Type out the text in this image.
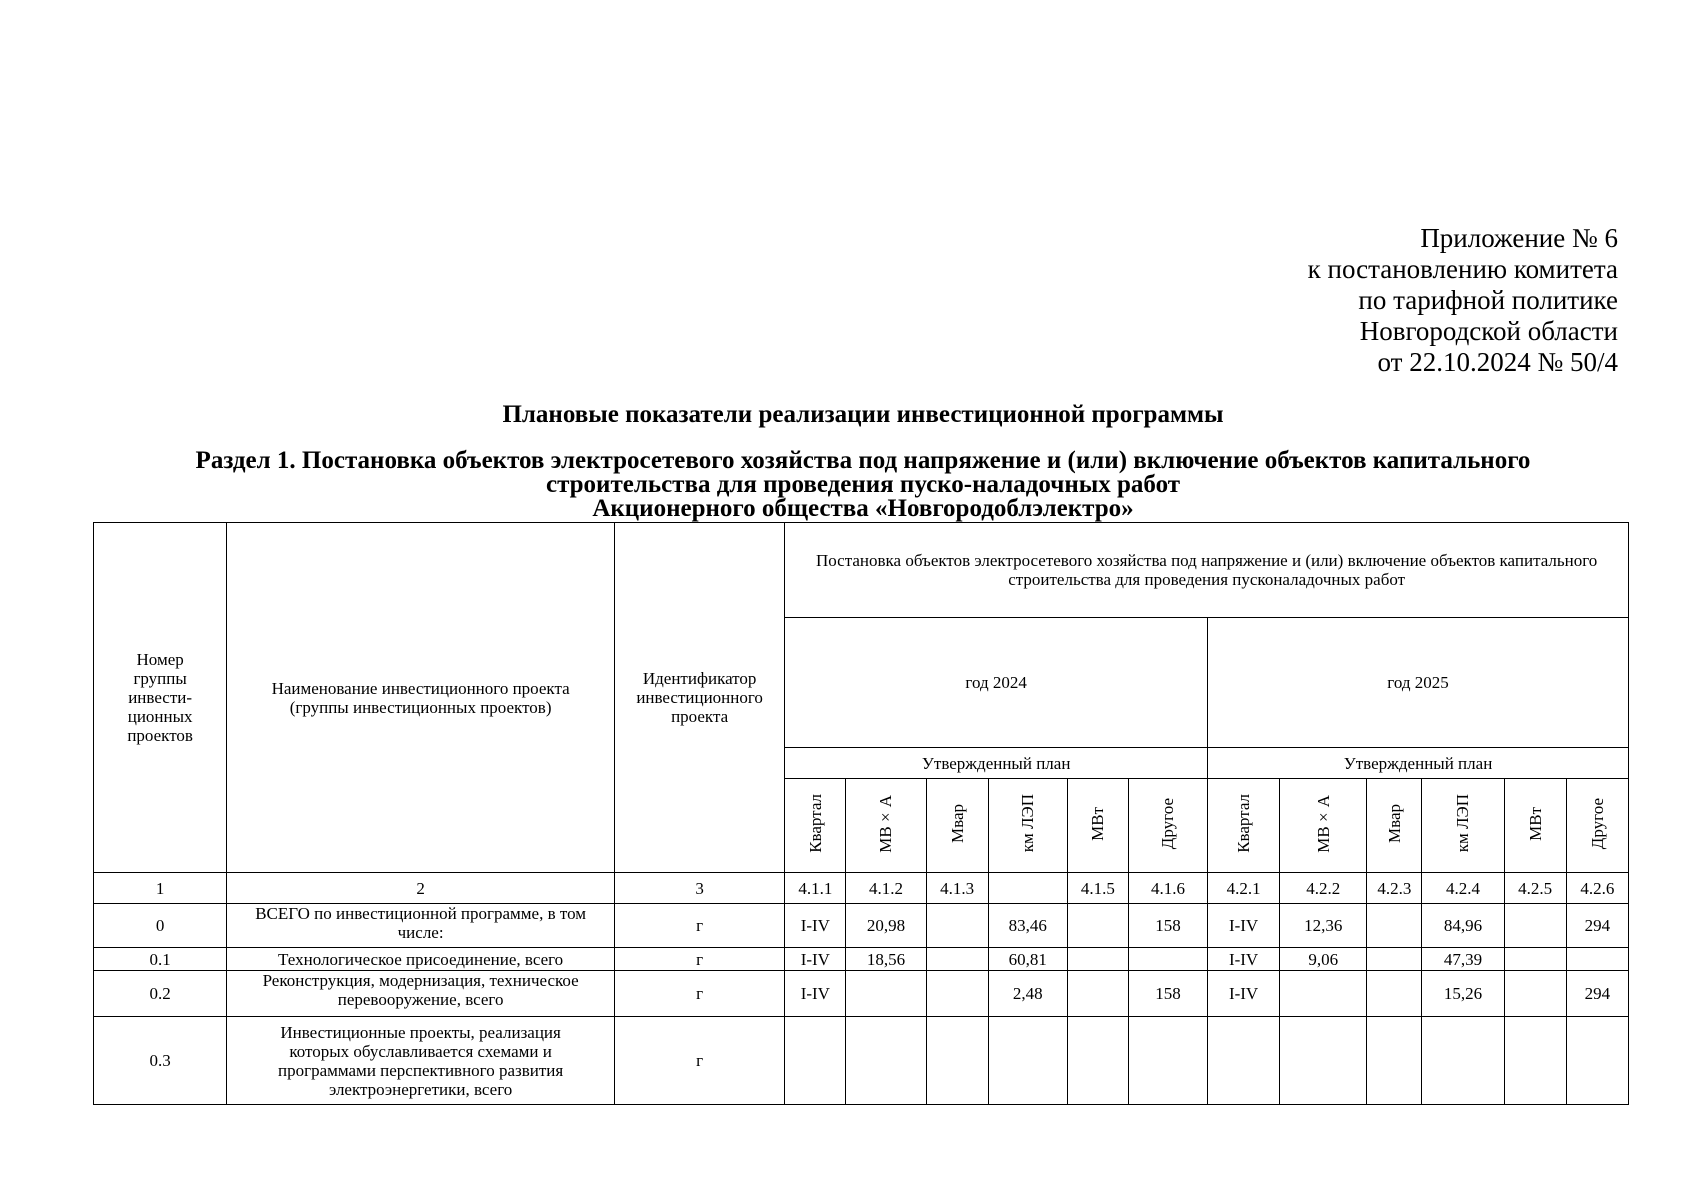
Приложение № 6
к постановлению комитета
по тарифной политике
Новгородской области
от 22.10.2024 № 50/4
Плановые показатели реализации инвестиционной программы
Раздел 1. Постановка объектов электросетевого хозяйства под напряжение и (или) включение объектов капитального
строительства для проведения пуско-наладочных работ
Акционерного общества «Новгородоблэлектро»
Номер группы инвести-ционных проектов	Наименование инвестиционного проекта (группы инвестиционных проектов)	Идентификатор инвестиционного проекта	Постановка объектов электросетевого хозяйства под напряжение и (или) включение объектов капитального строительства для проведения пусконаладочных работ											
			год 2024						год 2025					
			Утвержденный план						Утвержденный план					
			Квартал	МВ×А	Мвар	км ЛЭП	МВт	Другое	Квартал	МВ×А	Мвар	км ЛЭП	МВт	Другое
1	2	3	4.1.1	4.1.2	4.1.3		4.1.5	4.1.6	4.2.1	4.2.2	4.2.3	4.2.4	4.2.5	4.2.6
0	ВСЕГО по инвестиционной программе, в том числе:	г	I-IV	20,98		83,46		158	I-IV	12,36		84,96		294
0.1	Технологическое присоединение, всего	г	I-IV	18,56		60,81			I-IV	9,06		47,39		
0.2	Реконструкция, модернизация, техническое перевооружение, всего	г	I-IV			2,48		158	I-IV			15,26		294
0.3	Инвестиционные проекты, реализация которых обуславливается схемами и программами перспективного развития электроэнергетики, всего	г												
